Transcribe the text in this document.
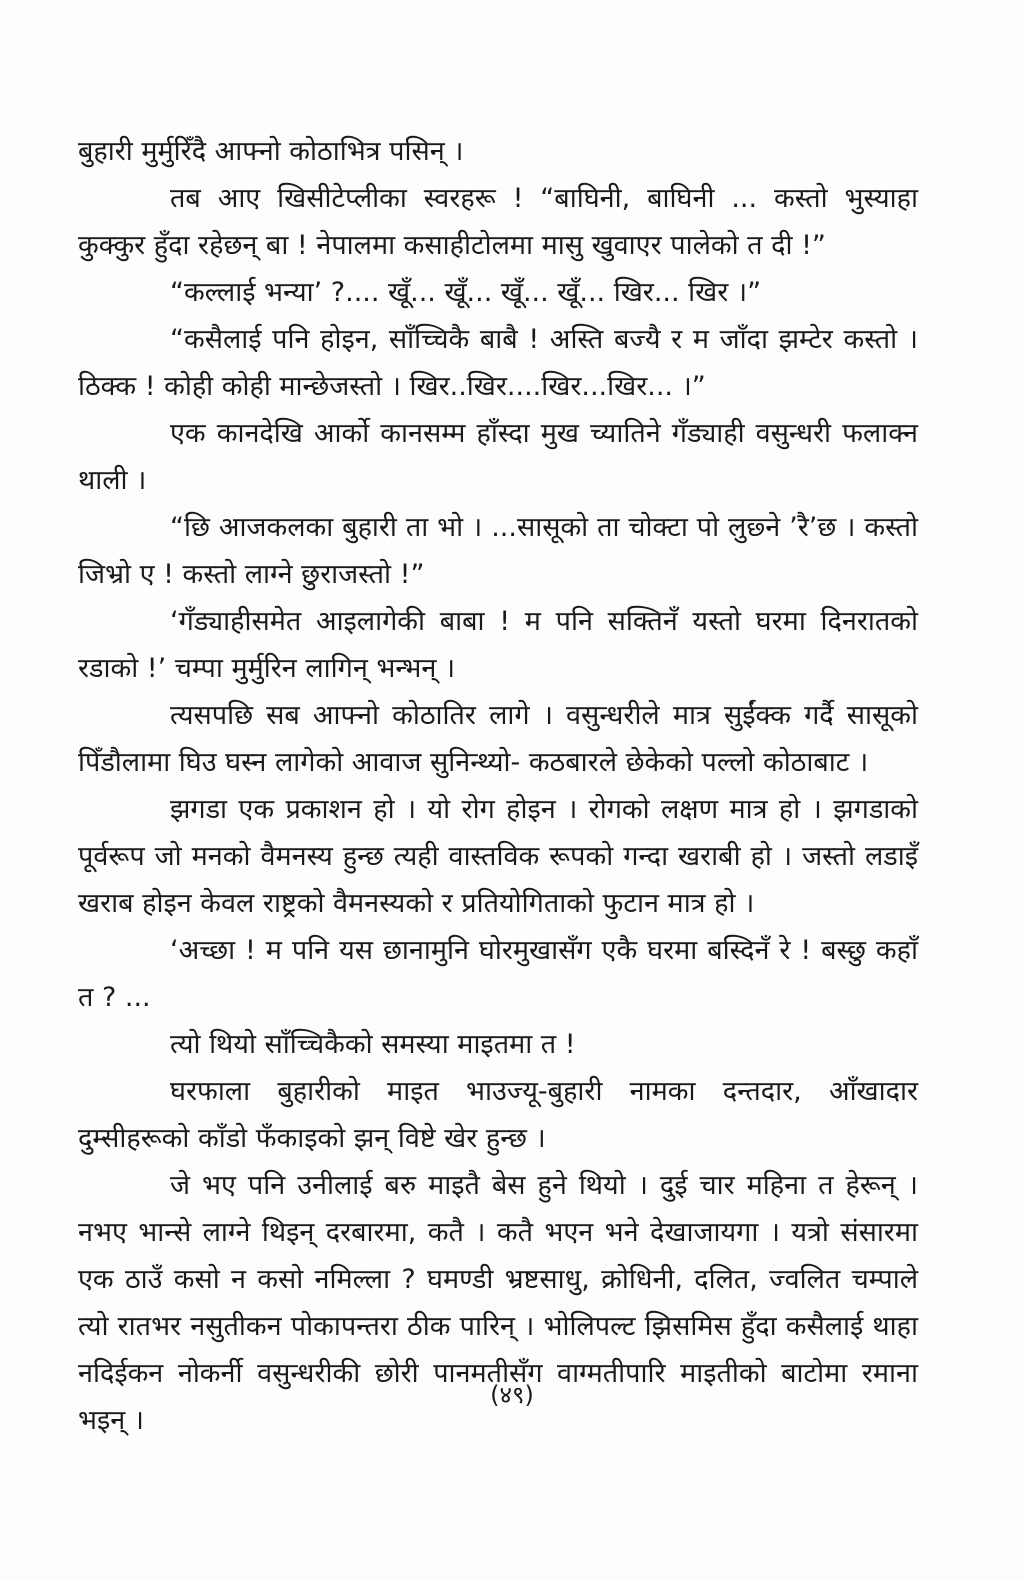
बुहारी मुर्मुरिँदै आफ्नो कोठाभित्र पसिन् ।

तब आए खिसीटेप्लीका स्वरहरू ! “बाघिनी, बाघिनी ... कस्तो भुस्याहा कुक्कुर हुँदा रहेछन् बा ! नेपालमा कसाहीटोलमा मासु खुवाएर पालेको त दी !”

“कल्लाई भन्या’ ?.... खूँ... खूँ... खूँ... खूँ... खिर... खिर ।”

“कसैलाई पनि होइन, साँच्चिकै बाबै ! अस्ति बज्यै र म जाँदा झम्टेर कस्तो । ठिक्क ! कोही कोही मान्छेजस्तो । खिर..खिर....खिर...खिर... ।”

एक कानदेखि आर्को कानसम्म हाँस्दा मुख च्यातिने गँड्याही वसुन्धरी फलाक्न थाली ।

“छि आजकलका बुहारी ता भो । ...सासूको ता चोक्टा पो लुछ्ने ’रै’छ । कस्तो जिभ्रो ए ! कस्तो लाग्ने छुराजस्तो !”

‘गँड्याहीसमेत आइलागेकी बाबा ! म पनि सक्तिनँ यस्तो घरमा दिनरातको रडाको !’ चम्पा मुर्मुरिन लागिन् भन्भन् ।

त्यसपछि सब आफ्नो कोठातिर लागे । वसुन्धरीले मात्र सुईंक्क गर्दै सासूको पिँडौलामा घिउ घस्न लागेको आवाज सुनिन्थ्यो- कठबारले छेकेको पल्लो कोठाबाट ।

झगडा एक प्रकाशन हो । यो रोग होइन । रोगको लक्षण मात्र हो । झगडाको पूर्वरूप जो मनको वैमनस्य हुन्छ त्यही वास्तविक रूपको गन्दा खराबी हो । जस्तो लडाइँ खराब होइन केवल राष्ट्रको वैमनस्यको र प्रतियोगिताको फुटान मात्र हो ।

‘अच्छा ! म पनि यस छानामुनि घोरमुखासँग एकै घरमा बस्दिनँ रे ! बस्छु कहाँ त ? ...

त्यो थियो साँच्चिकैको समस्या माइतमा त !

घरफाला बुहारीको माइत भाउज्यू-बुहारी नामका दन्तदार, आँखादार दुम्सीहरूको काँडो फँकाइको झन् विष्टे खेर हुन्छ ।

जे भए पनि उनीलाई बरु माइतै बेस हुने थियो । दुई चार महिना त हेरून् । नभए भान्से लाग्ने थिइन् दरबारमा, कतै । कतै भएन भने देखाजायगा । यत्रो संसारमा एक ठाउँ कसो न कसो नमिल्ला ? घमण्डी भ्रष्टसाधु, क्रोधिनी, दलित, ज्वलित चम्पाले त्यो रातभर नसुतीकन पोकापन्तरा ठीक पारिन् । भोलिपल्ट झिसमिस हुँदा कसैलाई थाहा नदिईकन नोकर्नी वसुन्धरीकी छोरी पानमतीसँग वाग्मतीपारि माइतीको बाटोमा रमाना भइन् ।

(४९)
